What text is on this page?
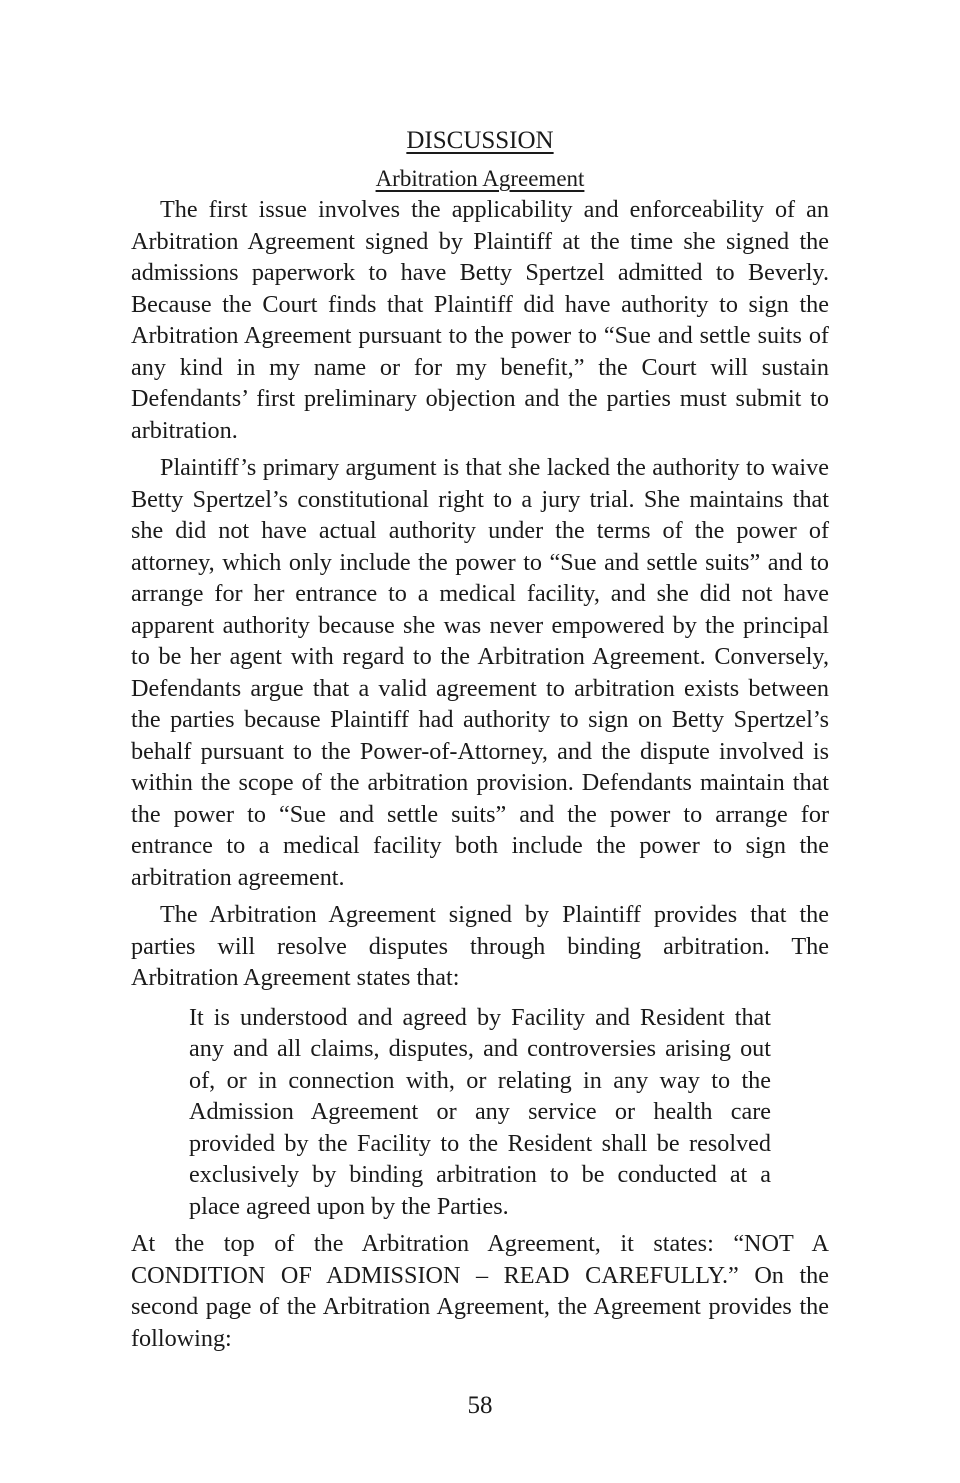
DISCUSSION
Arbitration Agreement

The first issue involves the applicability and enforceability of an Arbitration Agreement signed by Plaintiff at the time she signed the admissions paperwork to have Betty Spertzel admitted to Beverly. Because the Court finds that Plaintiff did have authority to sign the Arbitration Agreement pursuant to the power to “Sue and settle suits of any kind in my name or for my benefit,” the Court will sustain Defendants’ first preliminary objection and the parties must submit to arbitration.

Plaintiff’s primary argument is that she lacked the authority to waive Betty Spertzel’s constitutional right to a jury trial. She maintains that she did not have actual authority under the terms of the power of attorney, which only include the power to “Sue and settle suits” and to arrange for her entrance to a medical facility, and she did not have apparent authority because she was never empowered by the principal to be her agent with regard to the Arbitration Agreement. Conversely, Defendants argue that a valid agreement to arbitration exists between the parties because Plaintiff had authority to sign on Betty Spertzel’s behalf pursuant to the Power-of-Attorney, and the dispute involved is within the scope of the arbitration provision. Defendants maintain that the power to “Sue and settle suits” and the power to arrange for entrance to a medical facility both include the power to sign the arbitration agreement.

The Arbitration Agreement signed by Plaintiff provides that the parties will resolve disputes through binding arbitration. The Arbitration Agreement states that:

It is understood and agreed by Facility and Resident that any and all claims, disputes, and controversies arising out of, or in connection with, or relating in any way to the Admission Agreement or any service or health care provided by the Facility to the Resident shall be resolved exclusively by binding arbitration to be conducted at a place agreed upon by the Parties.

At the top of the Arbitration Agreement, it states: “NOT A CONDITION OF ADMISSION – READ CAREFULLY.” On the second page of the Arbitration Agreement, the Agreement provides the following:

58
